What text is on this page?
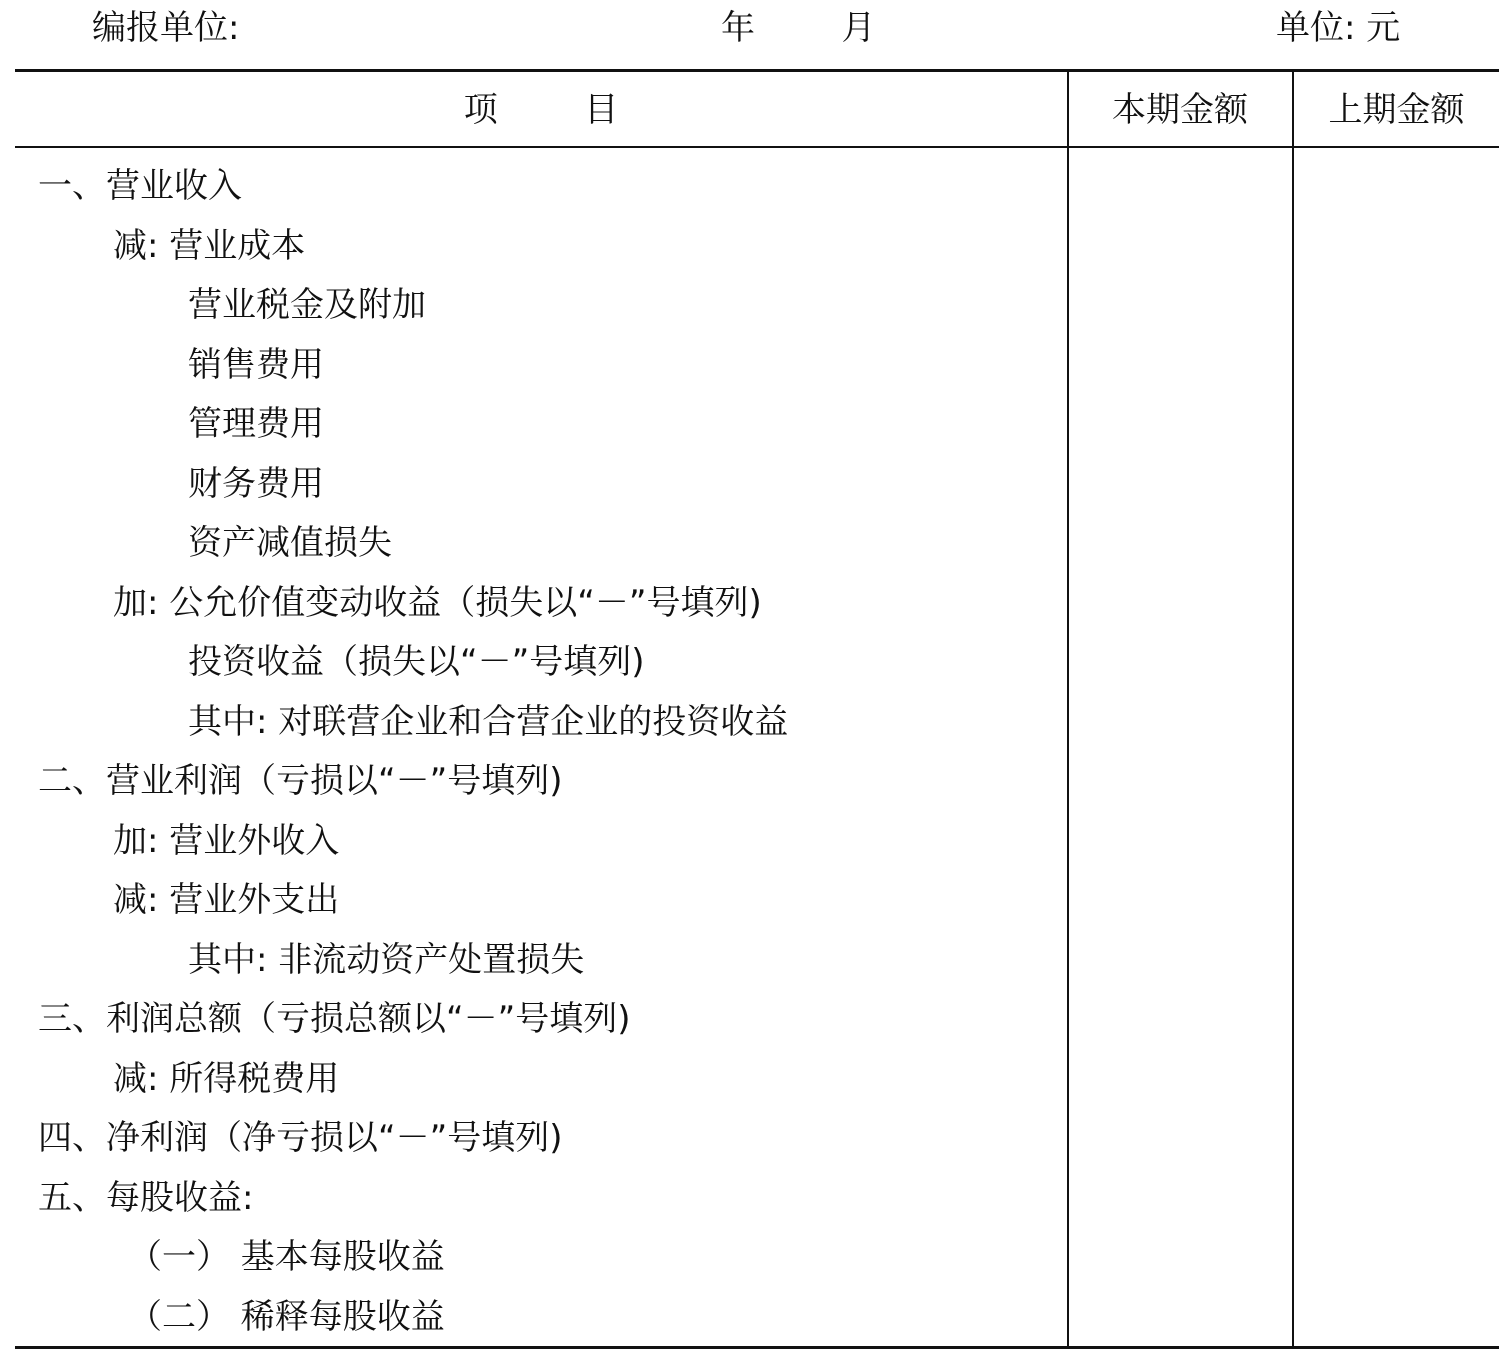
编报单位:	年        月	单位: 元
项        目	本期金额	上期金额
一、营业收入
减: 营业成本
营业税金及附加
销售费用
管理费用
财务费用
资产减值损失
加: 公允价值变动收益（损失以“－”号填列)
投资收益（损失以“－”号填列)
其中: 对联营企业和合营企业的投资收益
二、营业利润（亏损以“－”号填列)
加: 营业外收入
减: 营业外支出
其中: 非流动资产处置损失
三、利润总额（亏损总额以“－”号填列)
减: 所得税费用
四、净利润（净亏损以“－”号填列)
五、每股收益:
（一） 基本每股收益
（二） 稀释每股收益
